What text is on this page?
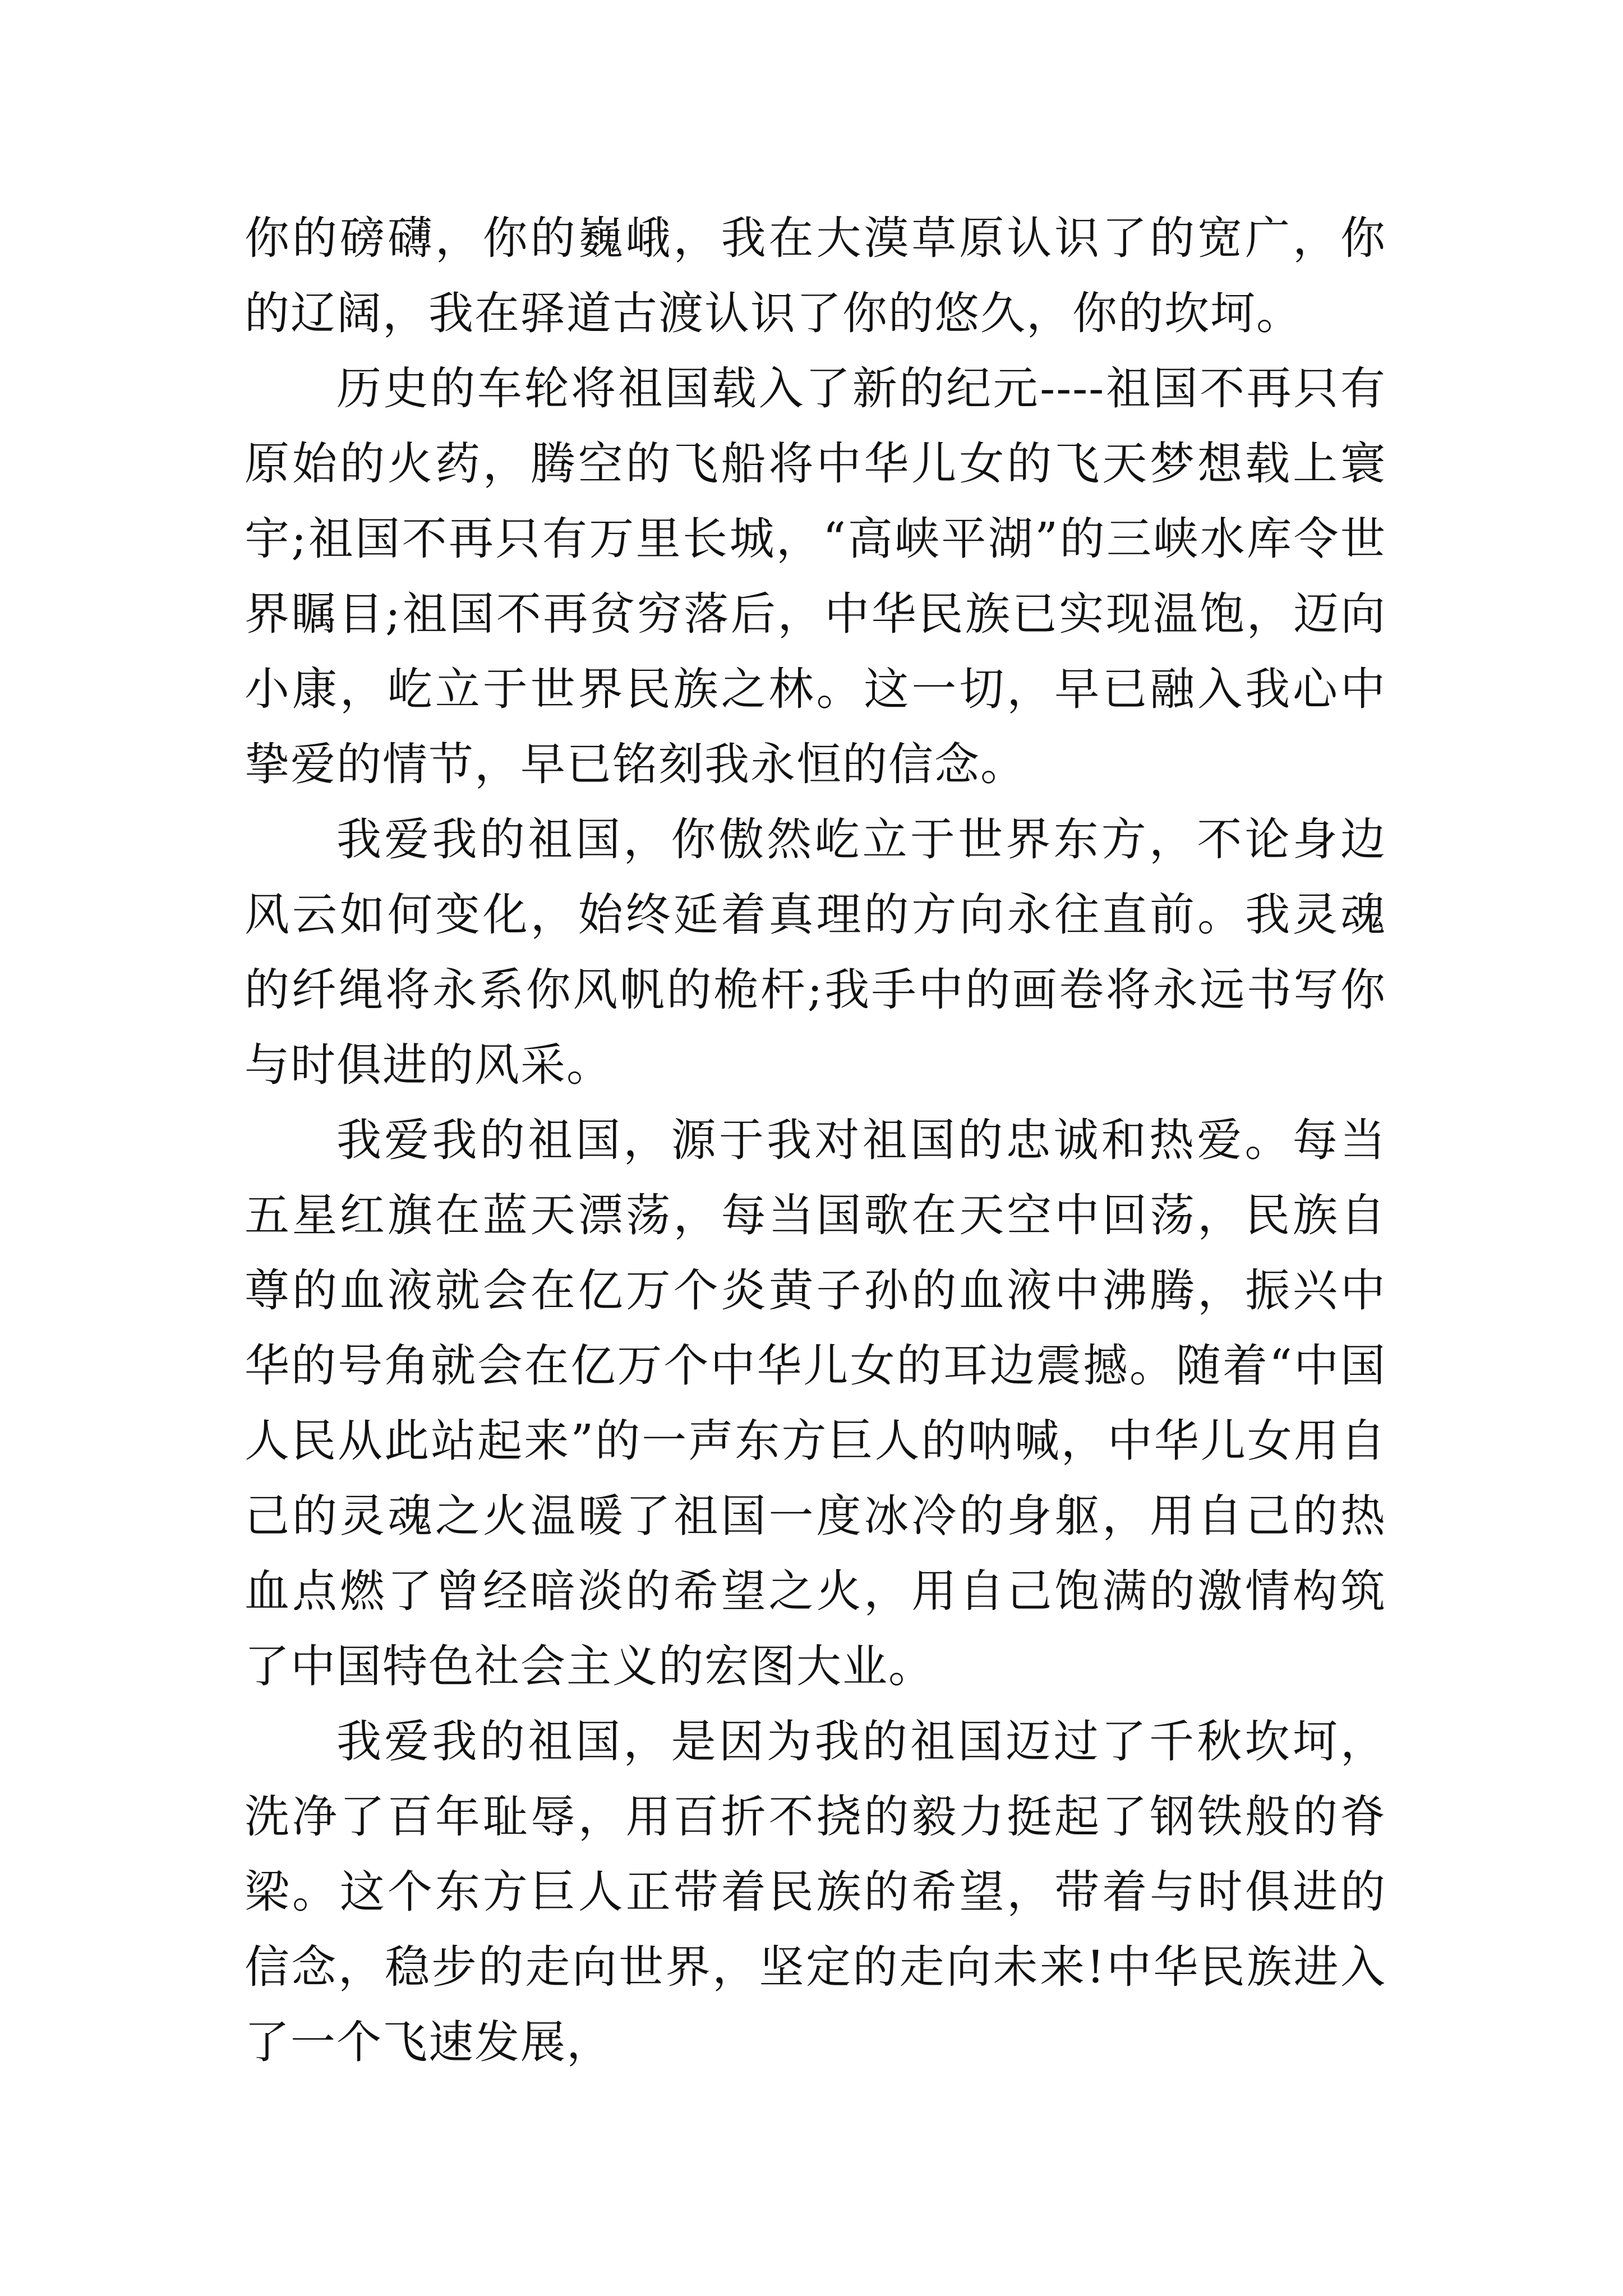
你的磅礴，你的巍峨，我在大漠草原认识了的宽广，你的辽阔，我在驿道古渡认识了你的悠久，你的坎坷。

历史的车轮将祖国载入了新的纪元----祖国不再只有原始的火药，腾空的飞船将中华儿女的飞天梦想载上寰宇;祖国不再只有万里长城，“高峡平湖”的三峡水库令世界瞩目;祖国不再贫穷落后，中华民族已实现温饱，迈向小康，屹立于世界民族之林。这一切，早已融入我心中挚爱的情节，早已铭刻我永恒的信念。

我爱我的祖国，你傲然屹立于世界东方，不论身边风云如何变化，始终延着真理的方向永往直前。我灵魂的纤绳将永系你风帆的桅杆;我手中的画卷将永远书写你与时俱进的风采。

我爱我的祖国，源于我对祖国的忠诚和热爱。每当五星红旗在蓝天漂荡，每当国歌在天空中回荡，民族自尊的血液就会在亿万个炎黄子孙的血液中沸腾，振兴中华的号角就会在亿万个中华儿女的耳边震撼。随着“中国人民从此站起来”的一声东方巨人的呐喊，中华儿女用自己的灵魂之火温暖了祖国一度冰冷的身躯，用自己的热血点燃了曾经暗淡的希望之火，用自己饱满的激情构筑了中国特色社会主义的宏图大业。

我爱我的祖国，是因为我的祖国迈过了千秋坎坷，洗净了百年耻辱，用百折不挠的毅力挺起了钢铁般的脊梁。这个东方巨人正带着民族的希望，带着与时俱进的信念，稳步的走向世界，坚定的走向未来!中华民族进入了一个飞速发展，
